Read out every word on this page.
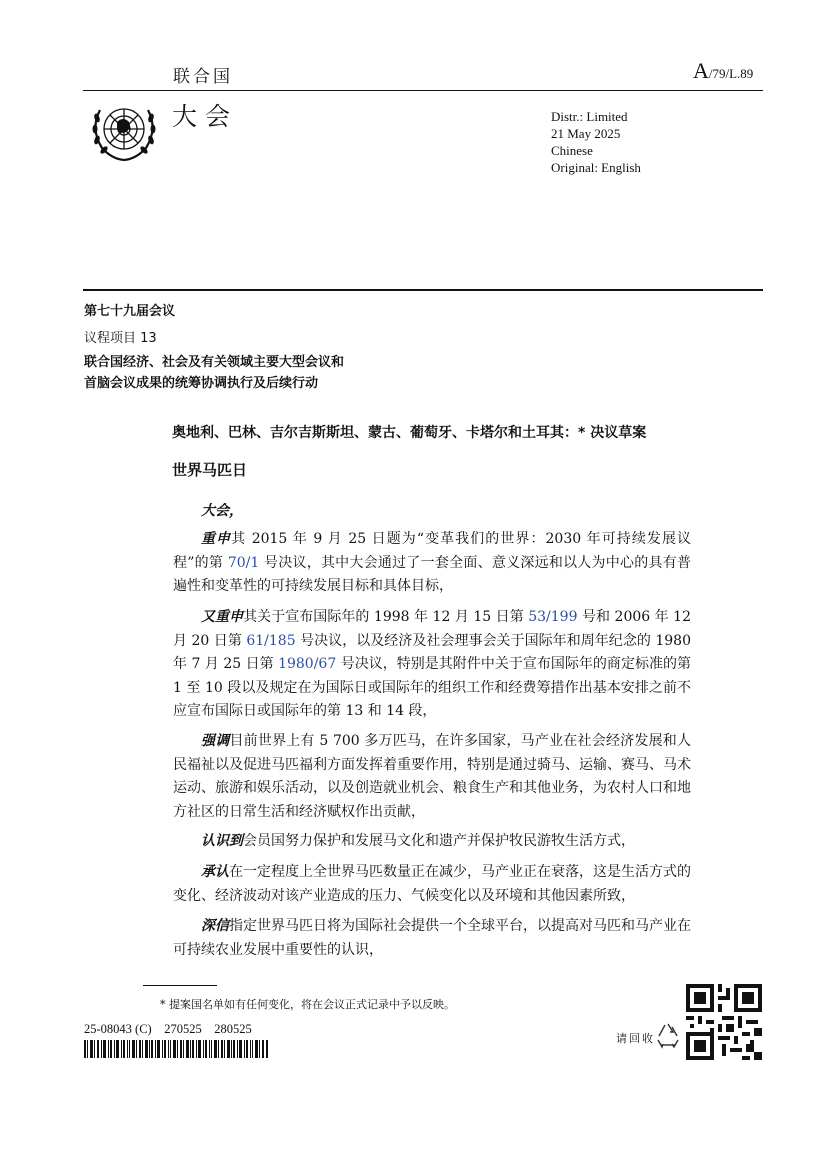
联合国	A/79/L.89
大 会	Distr.: Limited
21 May 2025
Chinese
Original: English
第七十九届会议
议程项目 13
联合国经济、社会及有关领域主要大型会议和
首脑会议成果的统筹协调执行及后续行动
奥地利、巴林、吉尔吉斯斯坦、蒙古、葡萄牙、卡塔尔和土耳其：* 决议草案
世界马匹日
大会，
重申其 2015 年 9 月 25 日题为“变革我们的世界：2030 年可持续发展议程”的第 70/1 号决议，其中大会通过了一套全面、意义深远和以人为中心的具有普遍性和变革性的可持续发展目标和具体目标，
又重申其关于宣布国际年的 1998 年 12 月 15 日第 53/199 号和 2006 年 12 月 20 日第 61/185 号决议，以及经济及社会理事会关于国际年和周年纪念的 1980 年 7 月 25 日第 1980/67 号决议，特别是其附件中关于宣布国际年的商定标准的第 1 至 10 段以及规定在为国际日或国际年的组织工作和经费筹措作出基本安排之前不应宣布国际日或国际年的第 13 和 14 段，
强调目前世界上有 5 700 多万匹马，在许多国家，马产业在社会经济发展和人民福祉以及促进马匹福利方面发挥着重要作用，特别是通过骑马、运输、赛马、马术运动、旅游和娱乐活动，以及创造就业机会、粮食生产和其他业务，为农村人口和地方社区的日常生活和经济赋权作出贡献，
认识到会员国努力保护和发展马文化和遗产并保护牧民游牧生活方式，
承认在一定程度上全世界马匹数量正在减少，马产业正在衰落，这是生活方式的变化、经济波动对该产业造成的压力、气候变化以及环境和其他因素所致，
深信指定世界马匹日将为国际社会提供一个全球平台，以提高对马匹和马产业在可持续农业发展中重要性的认识，
* 提案国名单如有任何变化，将在会议正式记录中予以反映。
25-08043 (C)    270525    280525
请回收
